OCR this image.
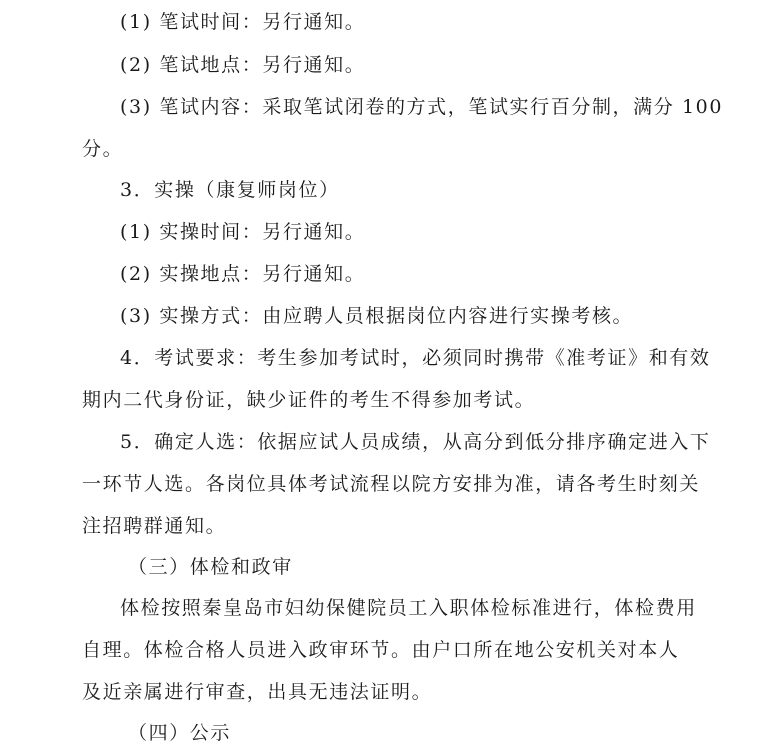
(1) 笔试时间：另行通知。
(2) 笔试地点：另行通知。
(3) 笔试内容：采取笔试闭卷的方式，笔试实行百分制，满分 100
分。
3．实操（康复师岗位）
(1) 实操时间：另行通知。
(2) 实操地点：另行通知。
(3) 实操方式：由应聘人员根据岗位内容进行实操考核。
4．考试要求：考生参加考试时，必须同时携带《准考证》和有效
期内二代身份证，缺少证件的考生不得参加考试。
5．确定人选：依据应试人员成绩，从高分到低分排序确定进入下
一环节人选。各岗位具体考试流程以院方安排为准，请各考生时刻关
注招聘群通知。
（三）体检和政审
体检按照秦皇岛市妇幼保健院员工入职体检标准进行，体检费用
自理。体检合格人员进入政审环节。由户口所在地公安机关对本人
及近亲属进行审查，出具无违法证明。
（四）公示
